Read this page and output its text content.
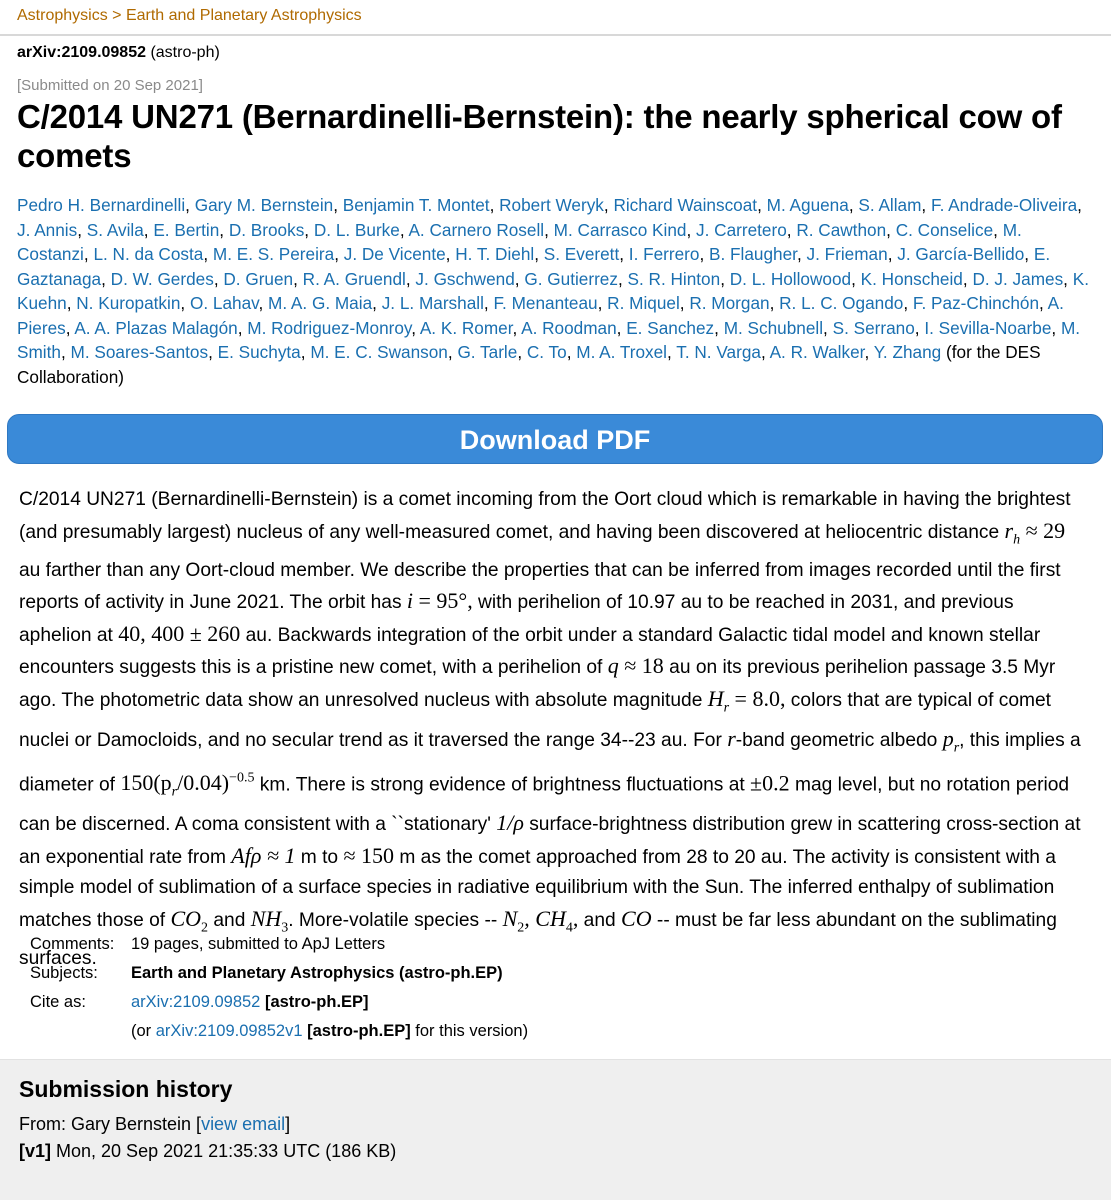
Astrophysics > Earth and Planetary Astrophysics
arXiv:2109.09852 (astro-ph)
[Submitted on 20 Sep 2021]
C/2014 UN271 (Bernardinelli-Bernstein): the nearly spherical cow of comets
Pedro H. Bernardinelli, Gary M. Bernstein, Benjamin T. Montet, Robert Weryk, Richard Wainscoat, M. Aguena, S. Allam, F. Andrade-Oliveira, J. Annis, S. Avila, E. Bertin, D. Brooks, D. L. Burke, A. Carnero Rosell, M. Carrasco Kind, J. Carretero, R. Cawthon, C. Conselice, M. Costanzi, L. N. da Costa, M. E. S. Pereira, J. De Vicente, H. T. Diehl, S. Everett, I. Ferrero, B. Flaugher, J. Frieman, J. García-Bellido, E. Gaztanaga, D. W. Gerdes, D. Gruen, R. A. Gruendl, J. Gschwend, G. Gutierrez, S. R. Hinton, D. L. Hollowood, K. Honscheid, D. J. James, K. Kuehn, N. Kuropatkin, O. Lahav, M. A. G. Maia, J. L. Marshall, F. Menanteau, R. Miquel, R. Morgan, R. L. C. Ogando, F. Paz-Chinchón, A. Pieres, A. A. Plazas Malagón, M. Rodriguez-Monroy, A. K. Romer, A. Roodman, E. Sanchez, M. Schubnell, S. Serrano, I. Sevilla-Noarbe, M. Smith, M. Soares-Santos, E. Suchyta, M. E. C. Swanson, G. Tarle, C. To, M. A. Troxel, T. N. Varga, A. R. Walker, Y. Zhang (for the DES Collaboration)
Download PDF
C/2014 UN271 (Bernardinelli-Bernstein) is a comet incoming from the Oort cloud which is remarkable in having the brightest (and presumably largest) nucleus of any well-measured comet, and having been discovered at heliocentric distance $r_h \approx 29$ au farther than any Oort-cloud member. We describe the properties that can be inferred from images recorded until the first reports of activity in June 2021. The orbit has i = 95°, with perihelion of 10.97 au to be reached in 2031, and previous aphelion at 40, 400 ± 260 au. Backwards integration of the orbit under a standard Galactic tidal model and known stellar encounters suggests this is a pristine new comet, with a perihelion of q ≈ 18 au on its previous perihelion passage 3.5 Myr ago. The photometric data show an unresolved nucleus with absolute magnitude $H_r = 8.0$, colors that are typical of comet nuclei or Damocloids, and no secular trend as it traversed the range 34--23 au. For r-band geometric albedo $p_r$, this implies a diameter of $150(p_r/0.04)^{-0.5}$ km. There is strong evidence of brightness fluctuations at ±0.2 mag level, but no rotation period can be discerned. A coma consistent with a ``stationary' 1/ρ surface-brightness distribution grew in scattering cross-section at an exponential rate from Afρ ≈ 1 m to ≈ 150 m as the comet approached from 28 to 20 au. The activity is consistent with a simple model of sublimation of a surface species in radiative equilibrium with the Sun. The inferred enthalpy of sublimation matches those of $CO_2$ and $NH_3$. More-volatile species -- $N_2$, $CH_4$, and CO -- must be far less abundant on the sublimating surfaces.
Comments:	19 pages, submitted to ApJ Letters
Subjects:	Earth and Planetary Astrophysics (astro-ph.EP)
Cite as:	arXiv:2109.09852 [astro-ph.EP]
(or arXiv:2109.09852v1 [astro-ph.EP] for this version)
Submission history
From: Gary Bernstein [view email]
[v1] Mon, 20 Sep 2021 21:35:33 UTC (186 KB)
